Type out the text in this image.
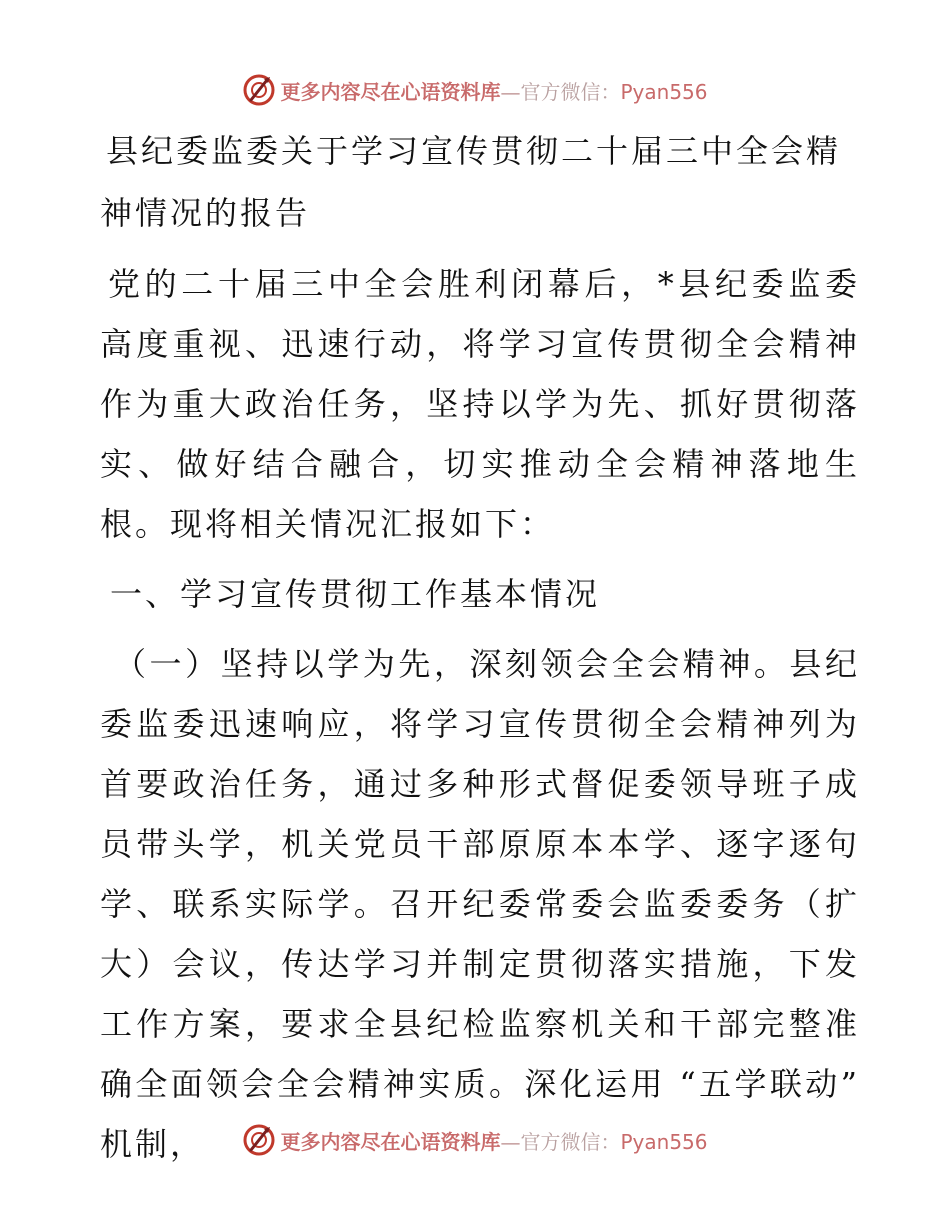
更多内容尽在心语资料库—官方微信：Pyan556
县纪委监委关于学习宣传贯彻二十届三中全会精神情况的报告

党的二十届三中全会胜利闭幕后，*县纪委监委高度重视、迅速行动，将学习宣传贯彻全会精神作为重大政治任务，坚持以学为先、抓好贯彻落实、做好结合融合，切实推动全会精神落地生根。现将相关情况汇报如下：

一、学习宣传贯彻工作基本情况

（一）坚持以学为先，深刻领会全会精神。县纪委监委迅速响应，将学习宣传贯彻全会精神列为首要政治任务，通过多种形式督促委领导班子成员带头学，机关党员干部原原本本学、逐字逐句学、联系实际学。召开纪委常委会监委委务（扩大）会议，传达学习并制定贯彻落实措施，下发工作方案，要求全县纪检监察机关和干部完整准确全面领会全会精神实质。深化运用 “五学联动” 机制，	更多内容尽在心语资料库—官方微信：Pyan556
